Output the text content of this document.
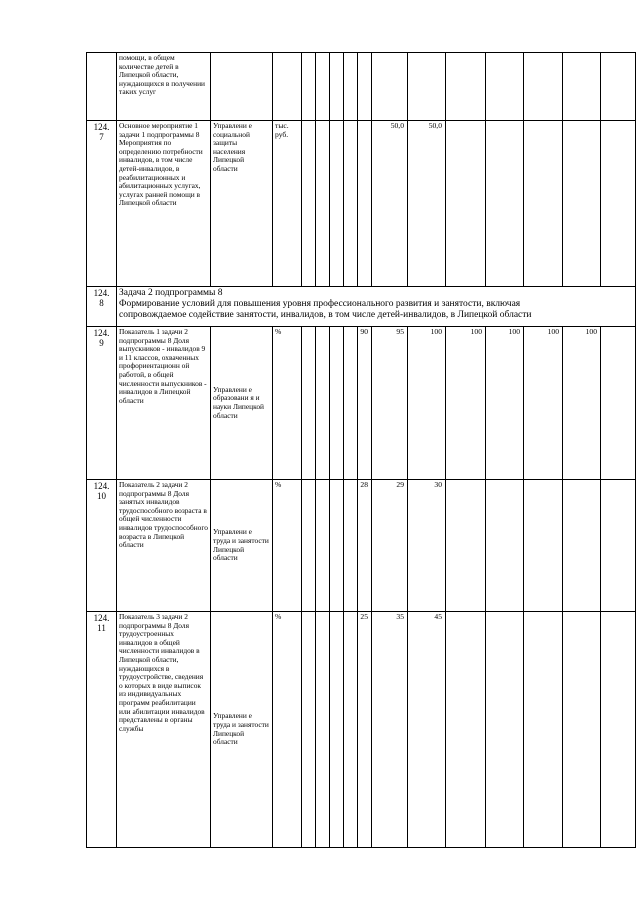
	помощи, в общем количестве детей в Липецкой области, нуждающихся в получении таких услуг														
124.
7	Основное мероприятие 1 задачи 1 подпрограммы 8 Мероприятия по определению потребности инвалидов, в том числе детей-инвалидов, в реабилитационных и абилитационных услугах, услугах ранней помощи в Липецкой области	Управлени е социальной защиты населения Липецкой области	тыс. руб.						50,0	50,0					
124.
8	Задача 2 подпрограммы 8
Формирование условий для повышения уровня профессионального развития и занятости, включая
сопровождаемое содействие занятости, инвалидов, в том числе детей-инвалидов, в Липецкой области														

124.
9	Показатель 1 задачи 2 подпрограммы 8 Доля выпускников - инвалидов 9 и 11 классов, охваченных профориентационн ой работой, в общей численности выпускников - инвалидов в Липецкой области	Управлени е образовани я и науки Липецкой области	%					90	95	100	100	100	100	100	
124.
10	Показатель 2 задачи 2 подпрограммы 8 Доля занятых инвалидов трудоспособного возраста в общей численности инвалидов трудоспособного возраста в Липецкой области	Управлени е труда и занятости Липецкой области	%					28	29	30					
124.
11	Показатель 3 задачи 2 подпрограммы 8 Доля трудоустроенных инвалидов в общей численности инвалидов в Липецкой области, нуждающихся в трудоустройстве, сведения о которых в виде выписок из индивидуальных программ реабилитации или абилитации инвалидов представлены в органы службы	Управлени е труда и занятости Липецкой области	%					25	35	45					
